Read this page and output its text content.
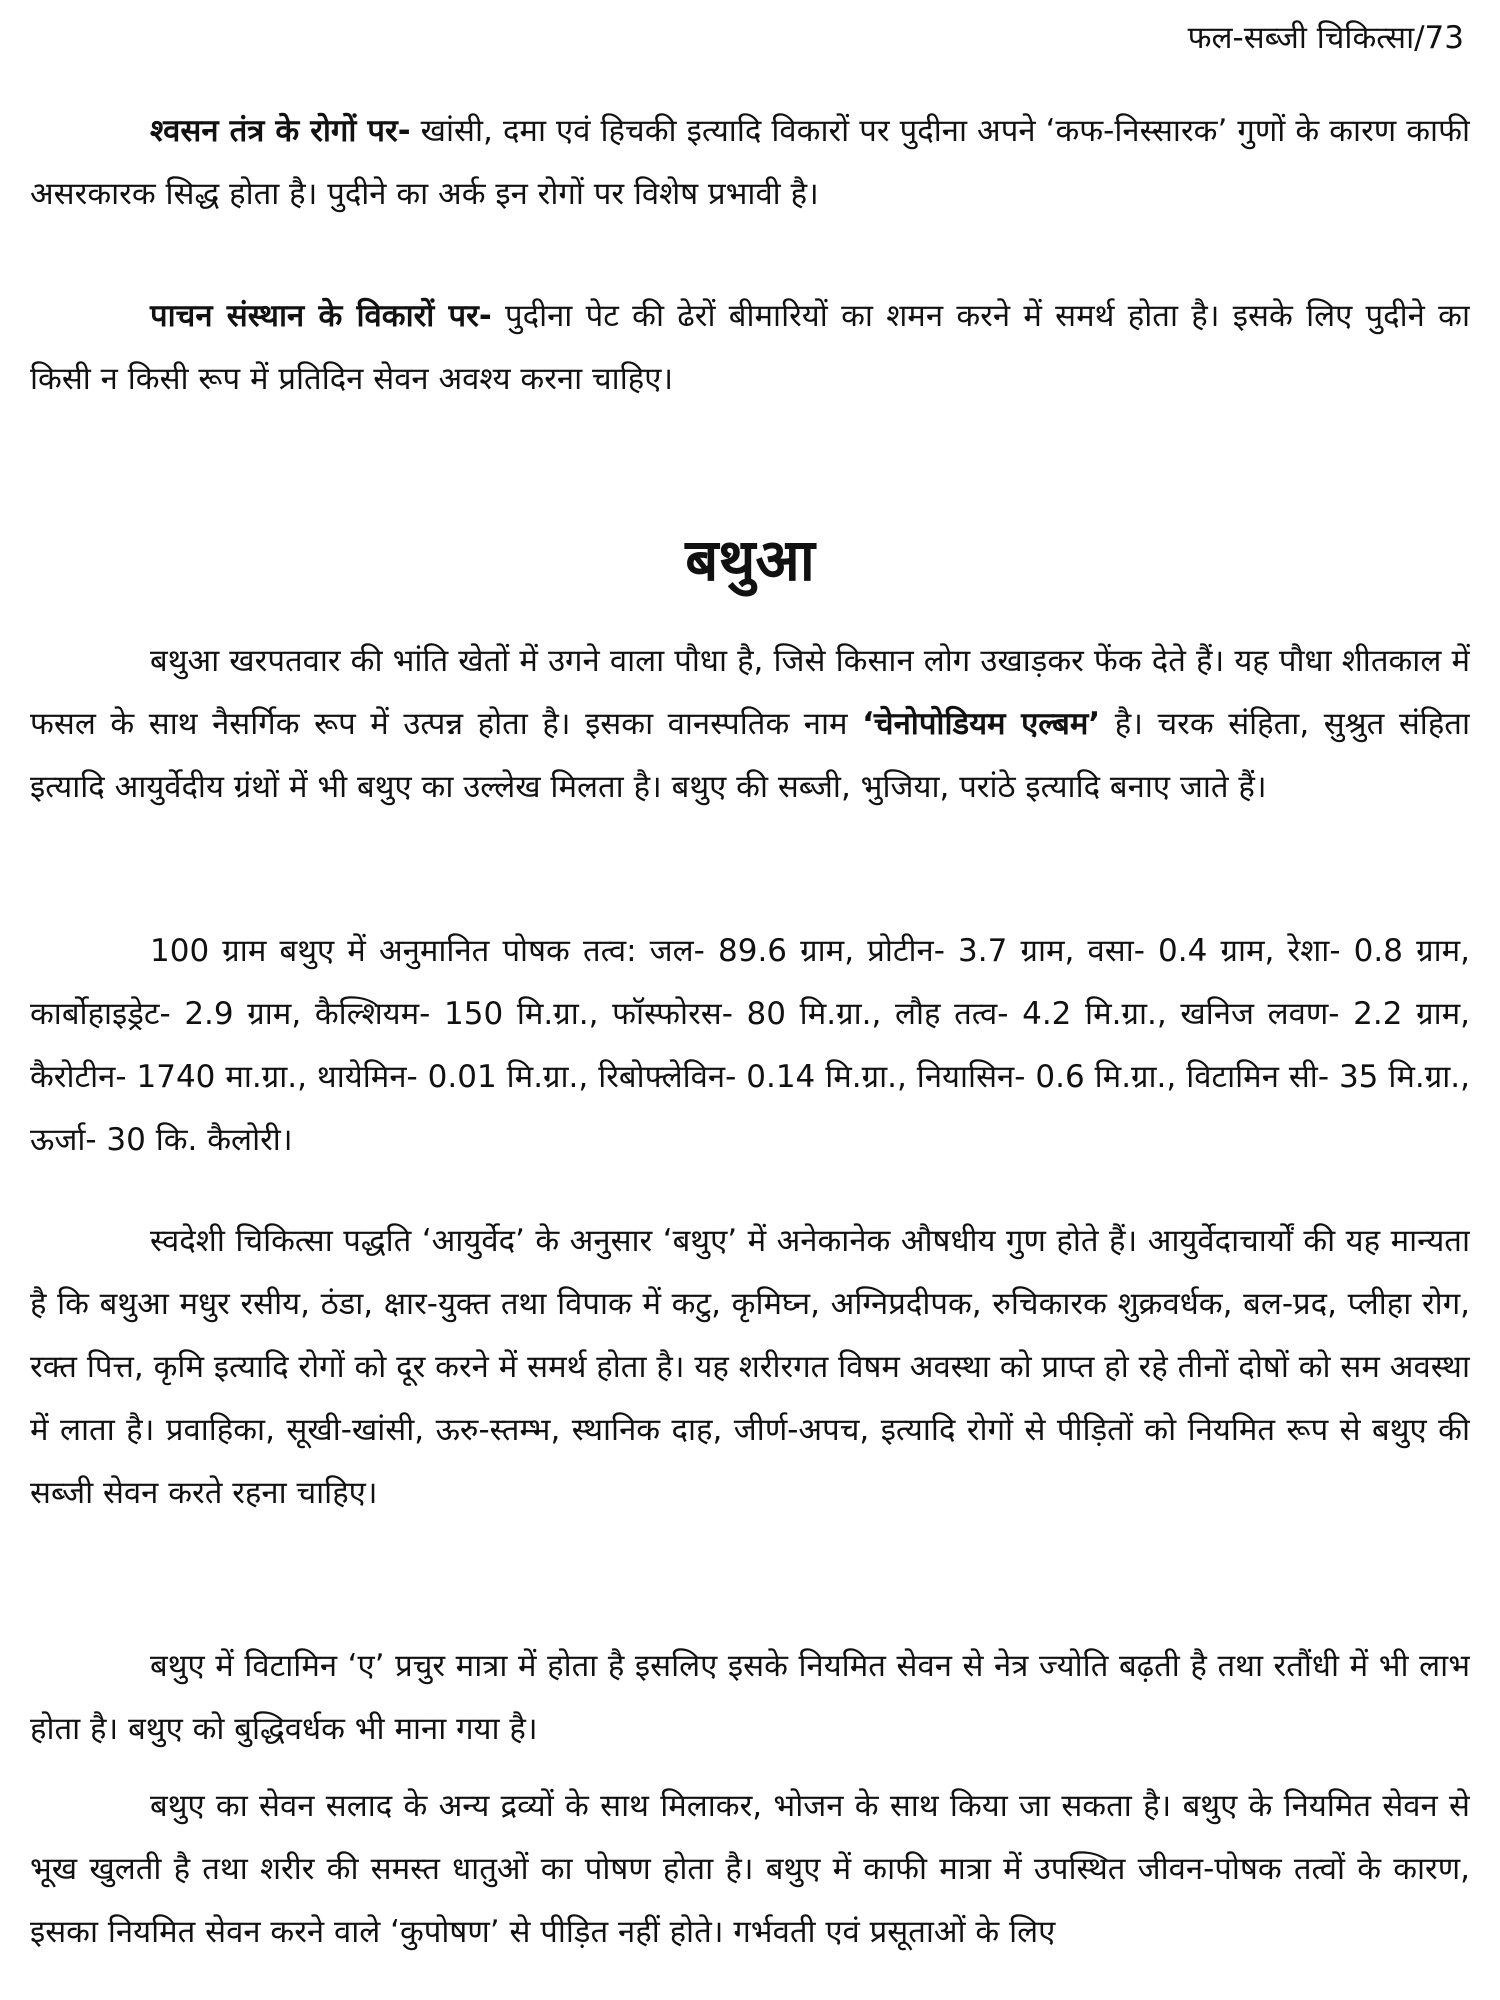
फल-सब्जी चिकित्सा/73

श्वसन तंत्र के रोगों पर- खांसी, दमा एवं हिचकी इत्यादि विकारों पर पुदीना अपने ‘कफ-निस्सारक’ गुणों के कारण काफी असरकारक सिद्ध होता है। पुदीने का अर्क इन रोगों पर विशेष प्रभावी है।

पाचन संस्थान के विकारों पर- पुदीना पेट की ढेरों बीमारियों का शमन करने में समर्थ होता है। इसके लिए पुदीने का किसी न किसी रूप में प्रतिदिन सेवन अवश्य करना चाहिए।

बथुआ

बथुआ खरपतवार की भांति खेतों में उगने वाला पौधा है, जिसे किसान लोग उखाड़कर फेंक देते हैं। यह पौधा शीतकाल में फसल के साथ नैसर्गिक रूप में उत्पन्न होता है। इसका वानस्पतिक नाम ‘चेनोपोडियम एल्बम’ है। चरक संहिता, सुश्रुत संहिता इत्यादि आयुर्वेदीय ग्रंथों में भी बथुए का उल्लेख मिलता है। बथुए की सब्जी, भुजिया, परांठे इत्यादि बनाए जाते हैं।

100 ग्राम बथुए में अनुमानित पोषक तत्व: जल- 89.6 ग्राम, प्रोटीन- 3.7 ग्राम, वसा- 0.4 ग्राम, रेशा- 0.8 ग्राम, कार्बोहाइड्रेट- 2.9 ग्राम, कैल्शियम- 150 मि.ग्रा., फॉस्फोरस- 80 मि.ग्रा., लौह तत्व- 4.2 मि.ग्रा., खनिज लवण- 2.2 ग्राम, कैरोटीन- 1740 मा.ग्रा., थायेमिन- 0.01 मि.ग्रा., रिबोफ्लेविन- 0.14 मि.ग्रा., नियासिन- 0.6 मि.ग्रा., विटामिन सी- 35 मि.ग्रा., ऊर्जा- 30 कि. कैलोरी।

स्वदेशी चिकित्सा पद्धति ‘आयुर्वेद’ के अनुसार ‘बथुए’ में अनेकानेक औषधीय गुण होते हैं। आयुर्वेदाचार्यों की यह मान्यता है कि बथुआ मधुर रसीय, ठंडा, क्षार-युक्त तथा विपाक में कटु, कृमिघ्न, अग्निप्रदीपक, रुचिकारक शुक्रवर्धक, बल-प्रद, प्लीहा रोग, रक्त पित्त, कृमि इत्यादि रोगों को दूर करने में समर्थ होता है। यह शरीरगत विषम अवस्था को प्राप्त हो रहे तीनों दोषों को सम अवस्था में लाता है। प्रवाहिका, सूखी-खांसी, ऊरु-स्तम्भ, स्थानिक दाह, जीर्ण-अपच, इत्यादि रोगों से पीड़ितों को नियमित रूप से बथुए की सब्जी सेवन करते रहना चाहिए।

बथुए में विटामिन ‘ए’ प्रचुर मात्रा में होता है इसलिए इसके नियमित सेवन से नेत्र ज्योति बढ़ती है तथा रतौंधी में भी लाभ होता है। बथुए को बुद्धिवर्धक भी माना गया है।

बथुए का सेवन सलाद के अन्य द्रव्यों के साथ मिलाकर, भोजन के साथ किया जा सकता है। बथुए के नियमित सेवन से भूख खुलती है तथा शरीर की समस्त धातुओं का पोषण होता है। बथुए में काफी मात्रा में उपस्थित जीवन-पोषक तत्वों के कारण, इसका नियमित सेवन करने वाले ‘कुपोषण’ से पीड़ित नहीं होते। गर्भवती एवं प्रसूताओं के लिए
